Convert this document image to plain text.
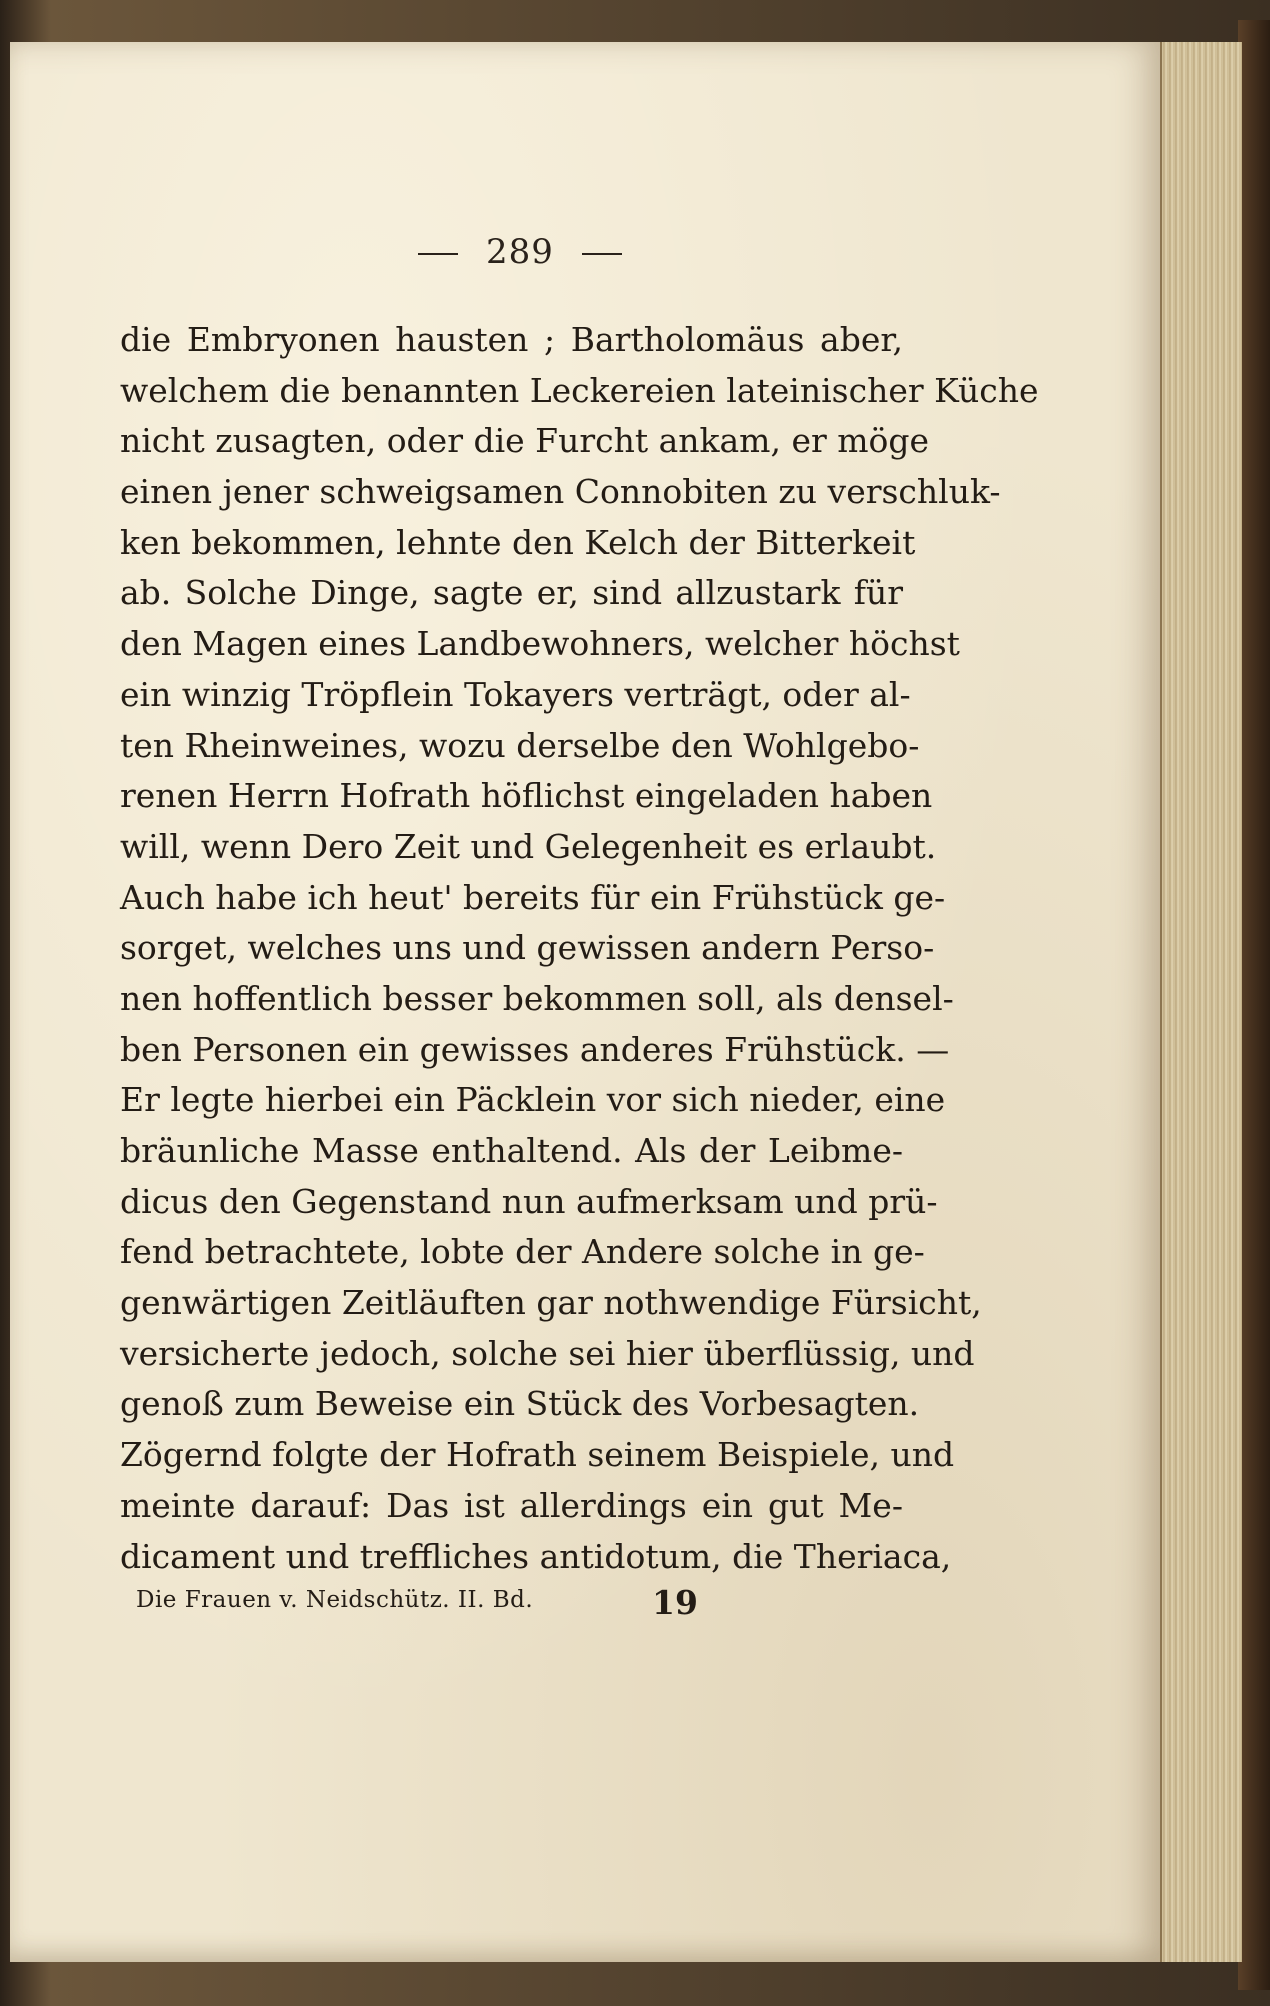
289
die Embryonen hausten ; Bartholomäus aber,
welchem die benannten Leckereien lateinischer Küche
nicht zusagten, oder die Furcht ankam, er möge
einen jener schweigsamen Connobiten zu verschluk-
ken bekommen, lehnte den Kelch der Bitterkeit
ab. Solche Dinge, sagte er, sind allzustark für
den Magen eines Landbewohners, welcher höchst
ein winzig Tröpflein Tokayers verträgt, oder al-
ten Rheinweines, wozu derselbe den Wohlgebo-
renen Herrn Hofrath höflichst eingeladen haben
will, wenn Dero Zeit und Gelegenheit es erlaubt.
Auch habe ich heut' bereits für ein Frühstück ge-
sorget, welches uns und gewissen andern Perso-
nen hoffentlich besser bekommen soll, als densel-
ben Personen ein gewisses anderes Frühstück. —
Er legte hierbei ein Päcklein vor sich nieder, eine
bräunliche Masse enthaltend. Als der Leibme-
dicus den Gegenstand nun aufmerksam und prü-
fend betrachtete, lobte der Andere solche in ge-
genwärtigen Zeitläuften gar nothwendige Fürsicht,
versicherte jedoch, solche sei hier überflüssig, und
genoß zum Beweise ein Stück des Vorbesagten.
Zögernd folgte der Hofrath seinem Beispiele, und
meinte darauf: Das ist allerdings ein gut Me-
dicament und treffliches antidotum, die Theriaca,
Die Frauen v. Neidschütz. II. Bd.	19
